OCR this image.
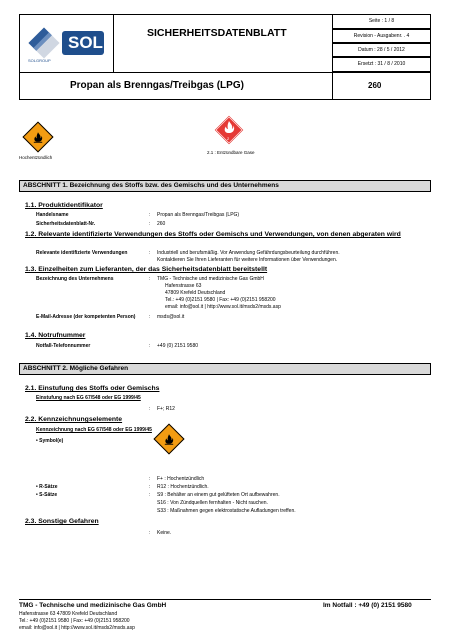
SOL
SOLGROUP
SICHERHEITSDATENBLATT
Seite : 1 / 8
Revision - Ausgabenr. . 4
Datum : 28 / 5 / 2012
Ersetzt : 31 / 8 / 2010
Propan als Brenngas/Treibgas (LPG)	260
Hochentzündlich
2
2.1 : Entzündbare Gase
ABSCHNITT 1. Bezeichnung des Stoffs bzw. des Gemischs und des Unternehmens
1.1. Produktidentifikator
Handelsname	: Propan als Brenngas/Treibgas (LPG)
Sicherheitsdatenblatt-Nr.	: 260
1.2. Relevante identifizierte Verwendungen des Stoffs oder Gemischs und Verwendungen, von denen abgeraten wird
Relevante identifizierte Verwendungen	: Industriell und berufsmäßig. Vor Anwendung Gefährdungsbeurteilung durchführen.
Kontaktieren Sie Ihren Lieferanten für weitere Informationen über Verwendungen.
1.3. Einzelheiten zum Lieferanten, der das Sicherheitsdatenblatt bereitstellt
Bezeichnung des Unternehmens	: TMG - Technische und medizinische Gas GmbH
Hafenstrasse 63
47809 Krefeld Deutschland
Tel.: +49 (0)2151 9580 | Fax: +49 (0)2151 958200
email: info@sol.it | http://www.sol.it/msds2/msds.asp
E-Mail-Adresse (der kompetenten Person)	: msds@sol.it
1.4. Notrufnummer
Notfall-Telefonnummer	: +49 (0) 2151 9580
ABSCHNITT 2. Mögliche Gefahren
2.1. Einstufung des Stoffs oder Gemischs
Einstufung nach EG 67/548 oder EG 1999/45
: F+; R12
2.2. Kennzeichnungselemente
Kennzeichnung nach EG 67/548 oder EG 1999/45
• Symbol(e)
: F+ : Hochentzündlich
• R-Sätze	: R12 : Hochentzündlich.
• S-Sätze	: S9 : Behälter an einem gut gelüfteten Ort aufbewahren.
S16 : Von Zündquellen fernhalten - Nicht rauchen.
S33 : Maßnahmen gegen elektrostatische Aufladungen treffen.
2.3. Sonstige Gefahren
: Keine.
TMG - Technische und medizinische Gas GmbH
Hafenstrasse 63 47809 Krefeld Deutschland
Tel.: +49 (0)2151 9580 | Fax: +49 (0)2151 958200
email: info@sol.it | http://www.sol.it/msds2/msds.asp
Im Notfall : +49 (0) 2151 9580
